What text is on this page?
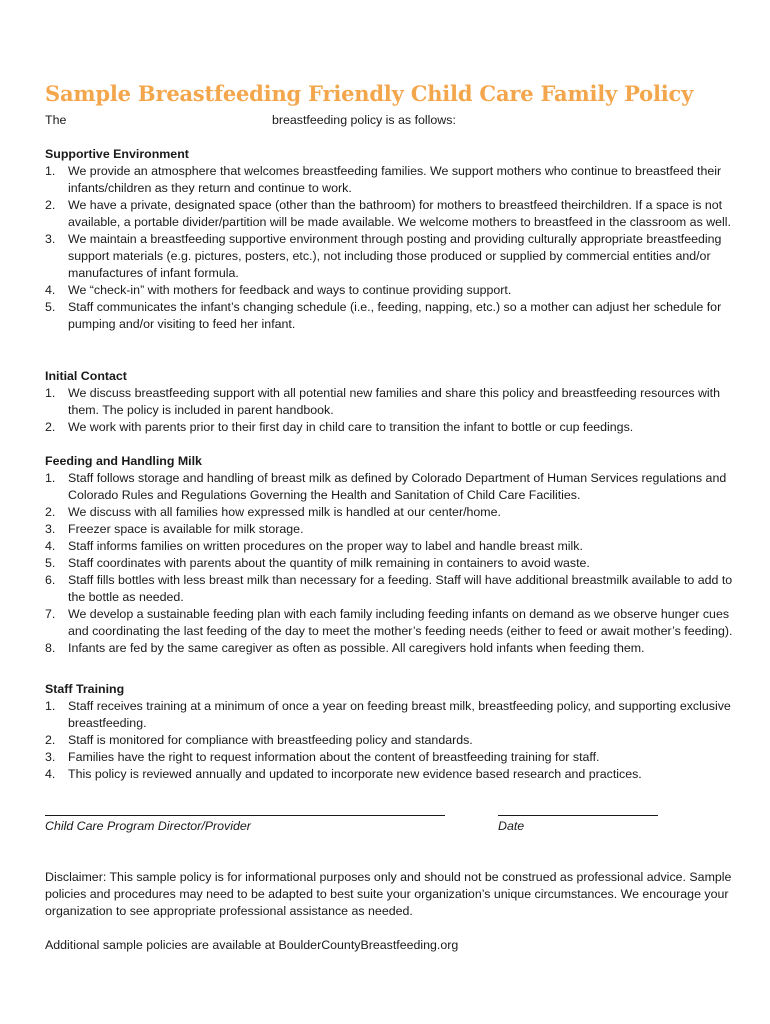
Sample Breastfeeding Friendly Child Care Family Policy
The	breastfeeding policy is as follows:
Supportive Environment
1. We provide an atmosphere that welcomes breastfeeding families. We support mothers who continue to breastfeed their infants/children as they return and continue to work.
2. We have a private, designated space (other than the bathroom) for mothers to breastfeed theirchildren. If a space is not available, a portable divider/partition will be made available. We welcome mothers to breastfeed in the classroom as well.
3. We maintain a breastfeeding supportive environment through posting and providing culturally appropriate breastfeeding support materials (e.g. pictures, posters, etc.), not including those produced or supplied by commercial entities and/or manufactures of infant formula.
4. We “check-in” with mothers for feedback and ways to continue providing support.
5. Staff communicates the infant’s changing schedule (i.e., feeding, napping, etc.) so a mother can adjust her schedule for pumping and/or visiting to feed her infant.
Initial Contact
1. We discuss breastfeeding support with all potential new families and share this policy and breastfeeding resources with them. The policy is included in parent handbook.
2. We work with parents prior to their first day in child care to transition the infant to bottle or cup feedings.
Feeding and Handling Milk
1. Staff follows storage and handling of breast milk as defined by Colorado Department of Human Services regulations and Colorado Rules and Regulations Governing the Health and Sanitation of Child Care Facilities.
2. We discuss with all families how expressed milk is handled at our center/home.
3. Freezer space is available for milk storage.
4. Staff informs families on written procedures on the proper way to label and handle breast milk.
5. Staff coordinates with parents about the quantity of milk remaining in containers to avoid waste.
6. Staff fills bottles with less breast milk than necessary for a feeding. Staff will have additional breastmilk available to add to the bottle as needed.
7. We develop a sustainable feeding plan with each family including feeding infants on demand as we observe hunger cues and coordinating the last feeding of the day to meet the mother’s feeding needs (either to feed or await mother’s feeding).
8. Infants are fed by the same caregiver as often as possible. All caregivers hold infants when feeding them.
Staff Training
1. Staff receives training at a minimum of once a year on feeding breast milk, breastfeeding policy, and supporting exclusive breastfeeding.
2. Staff is monitored for compliance with breastfeeding policy and standards.
3. Families have the right to request information about the content of breastfeeding training for staff.
4. This policy is reviewed annually and updated to incorporate new evidence based research and practices.
Child Care Program Director/Provider	Date
Disclaimer: This sample policy is for informational purposes only and should not be construed as professional advice. Sample policies and procedures may need to be adapted to best suite your organization’s unique circumstances. We encourage your organization to see appropriate professional assistance as needed.
Additional sample policies are available at BoulderCountyBreastfeeding.org
